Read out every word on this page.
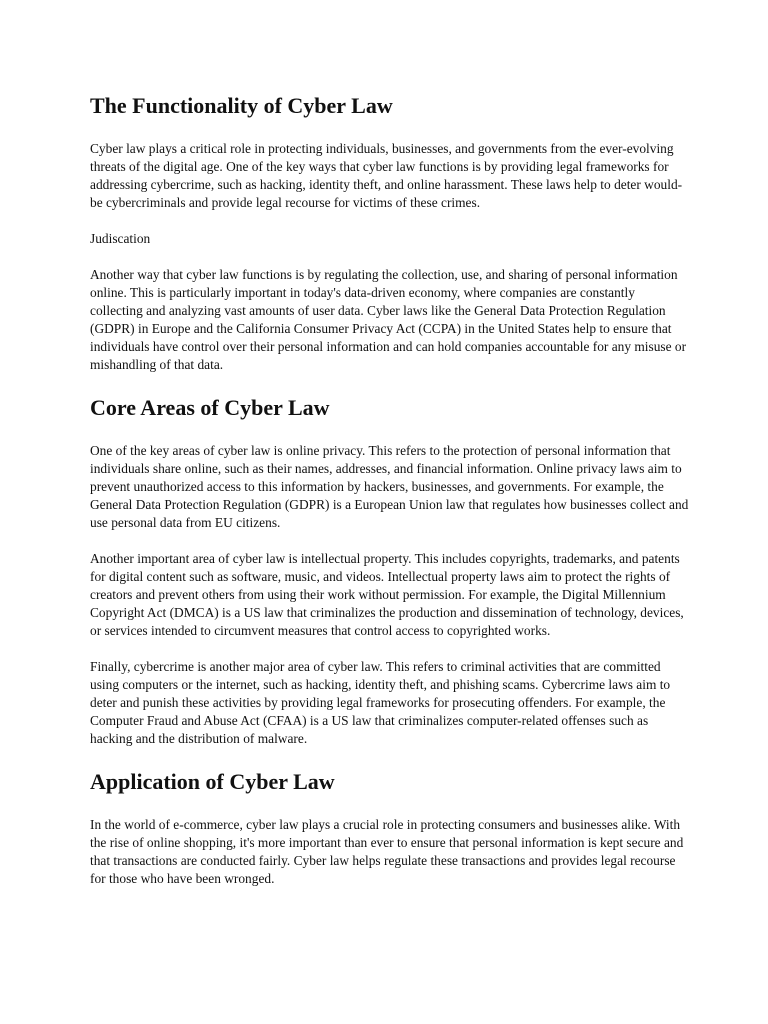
The Functionality of Cyber Law

Cyber law plays a critical role in protecting individuals, businesses, and governments from the ever-evolving threats of the digital age. One of the key ways that cyber law functions is by providing legal frameworks for addressing cybercrime, such as hacking, identity theft, and online harassment. These laws help to deter would-be cybercriminals and provide legal recourse for victims of these crimes.

Judiscation

Another way that cyber law functions is by regulating the collection, use, and sharing of personal information online. This is particularly important in today's data-driven economy, where companies are constantly collecting and analyzing vast amounts of user data. Cyber laws like the General Data Protection Regulation (GDPR) in Europe and the California Consumer Privacy Act (CCPA) in the United States help to ensure that individuals have control over their personal information and can hold companies accountable for any misuse or mishandling of that data.

Core Areas of Cyber Law

One of the key areas of cyber law is online privacy. This refers to the protection of personal information that individuals share online, such as their names, addresses, and financial information. Online privacy laws aim to prevent unauthorized access to this information by hackers, businesses, and governments. For example, the General Data Protection Regulation (GDPR) is a European Union law that regulates how businesses collect and use personal data from EU citizens.

Another important area of cyber law is intellectual property. This includes copyrights, trademarks, and patents for digital content such as software, music, and videos. Intellectual property laws aim to protect the rights of creators and prevent others from using their work without permission. For example, the Digital Millennium Copyright Act (DMCA) is a US law that criminalizes the production and dissemination of technology, devices, or services intended to circumvent measures that control access to copyrighted works.

Finally, cybercrime is another major area of cyber law. This refers to criminal activities that are committed using computers or the internet, such as hacking, identity theft, and phishing scams. Cybercrime laws aim to deter and punish these activities by providing legal frameworks for prosecuting offenders. For example, the Computer Fraud and Abuse Act (CFAA) is a US law that criminalizes computer-related offenses such as hacking and the distribution of malware.

Application of Cyber Law

In the world of e-commerce, cyber law plays a crucial role in protecting consumers and businesses alike. With the rise of online shopping, it's more important than ever to ensure that personal information is kept secure and that transactions are conducted fairly. Cyber law helps regulate these transactions and provides legal recourse for those who have been wronged.
